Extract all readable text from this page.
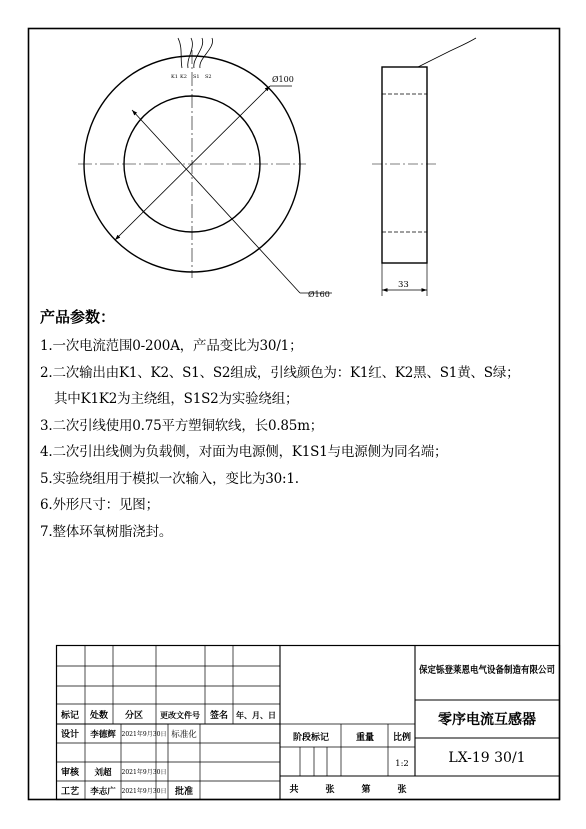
K1 K2 S1 S2	Ø100
Ø160
33
保定铄登莱恩电气设备制造有限公司
零序电流互感器
LX-19 30/1
标记 处数 分区 更改文件号 签名 年、月、日
设计 李德辉 2021年9月30日 标准化
审核 刘超 2021年9月30日
工艺 李志广 2021年9月30日 批准
阶段标记	重量 比例
1:2
共	张	第	张
产品参数：
1.一次电流范围0-200A，产品变比为30/1；
2.二次输出由K1、K2、S1、S2组成，引线颜色为：K1红、K2黑、S1黄、S绿；
其中K1K2为主绕组，S1S2为实验绕组；
3.二次引线使用0.75平方塑铜软线，长0.85m；
4.二次引出线侧为负载侧，对面为电源侧，K1S1与电源侧为同名端；
5.实验绕组用于模拟一次输入，变比为30:1.
6.外形尺寸：见图；
7.整体环氧树脂浇封。
